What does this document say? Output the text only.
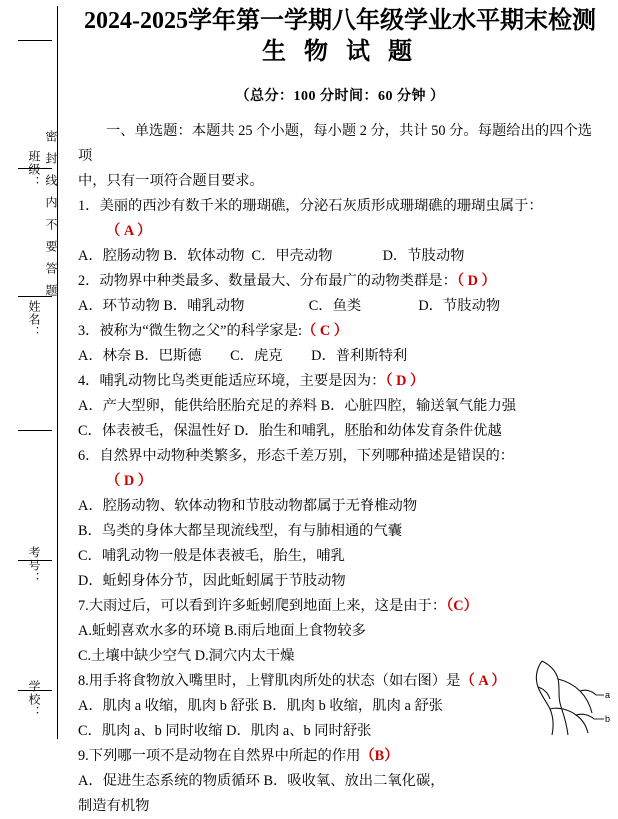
班级：
姓名：
考号：
学校：
密封线内不要答题
2024-2025学年第一学期八年级学业水平期末检测
生 物 试 题
（总分：100 分时间：60 分钟 ）

一、单选题：本题共 25 个小题，每小题 2 分，共计 50 分。每题给出的四个选项

中，只有一项符合题目要求。

1．美丽的西沙有数千米的珊瑚礁，分泌石灰质形成珊瑚礁的珊瑚虫属于：

（ A ）

A．腔肠动物 B．软体动物  C．甲壳动物              D．节肢动物

2．动物界中种类最多、数量最大、分布最广的动物类群是：（ D ）

A．环节动物 B．哺乳动物                  C．鱼类                D．节肢动物

3．被称为“微生物之父”的科学家是:（ C ）

A．林奈 B．巴斯德        C．虎克        D．普利斯特利

4．哺乳动物比鸟类更能适应环境，主要是因为：（ D ）

A．产大型卵，能供给胚胎充足的养料 B．心脏四腔，输送氧气能力强

C．体表被毛，保温性好 D．胎生和哺乳，胚胎和幼体发育条件优越

6．自然界中动物种类繁多，形态千差万别，下列哪种描述是错误的：

（ D ）

A．腔肠动物、软体动物和节肢动物都属于无脊椎动物

B．鸟类的身体大都呈现流线型，有与肺相通的气囊

C．哺乳动物一般是体表被毛，胎生，哺乳

D．蚯蚓身体分节，因此蚯蚓属于节肢动物

7.大雨过后，可以看到许多蚯蚓爬到地面上来，这是由于：（C）

A.蚯蚓喜欢水多的环境 B.雨后地面上食物较多

C.土壤中缺少空气 D.洞穴内太干燥

8.用手将食物放入嘴里时，上臂肌肉所处的状态（如右图）是（ A ）

A．肌肉 a 收缩，肌肉 b 舒张 B．肌肉 b 收缩，肌肉 a 舒张

C．肌肉 a、b 同时收缩 D．肌肉 a、b 同时舒张

9.下列哪一项不是动物在自然界中所起的作用（B）

A．促进生态系统的物质循环 B．吸收氧、放出二氧化碳，

制造有机物

a
b
